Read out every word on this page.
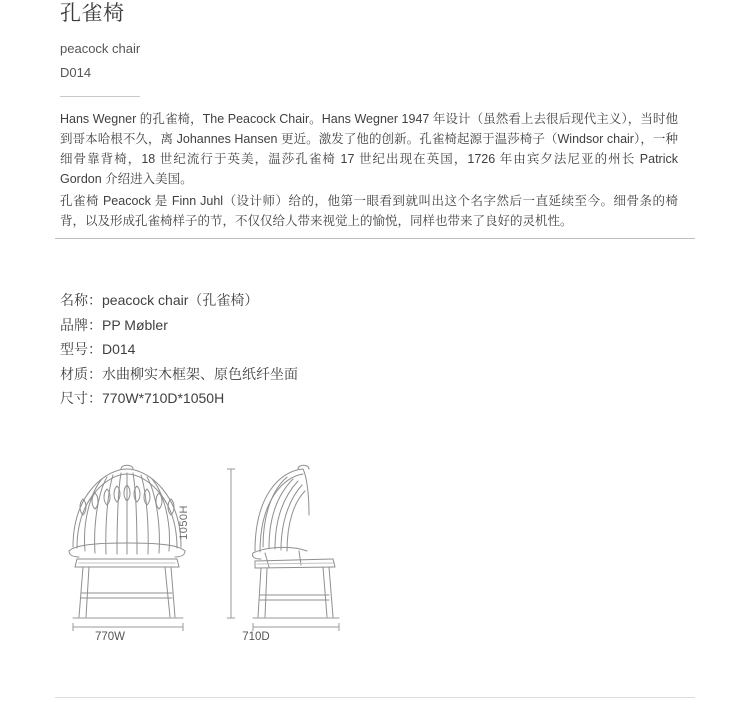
孔雀椅

peacock chair

D014

Hans Wegner 的孔雀椅，The Peacock Chair。Hans Wegner 1947 年设计（虽然看上去很后现代主义），当时他到哥本哈根不久，离 Johannes Hansen 更近。激发了他的创新。孔雀椅起源于温莎椅子（Windsor chair），一种细骨靠背椅，18 世纪流行于英美，温莎孔雀椅 17 世纪出现在英国，1726 年由宾夕法尼亚的州长 Patrick Gordon 介绍进入美国。

孔雀椅 Peacock 是 Finn Juhl（设计师）给的，他第一眼看到就叫出这个名字然后一直延续至今。细骨条的椅背，以及形成孔雀椅样子的节，不仅仅给人带来视觉上的愉悦，同样也带来了良好的灵机性。

名称：peacock chair（孔雀椅）

品牌：PP Møbler

型号：D014

材质：水曲柳实木框架、原色纸纤坐面

尺寸：770W*710D*1050H

1050H
770W	710D
